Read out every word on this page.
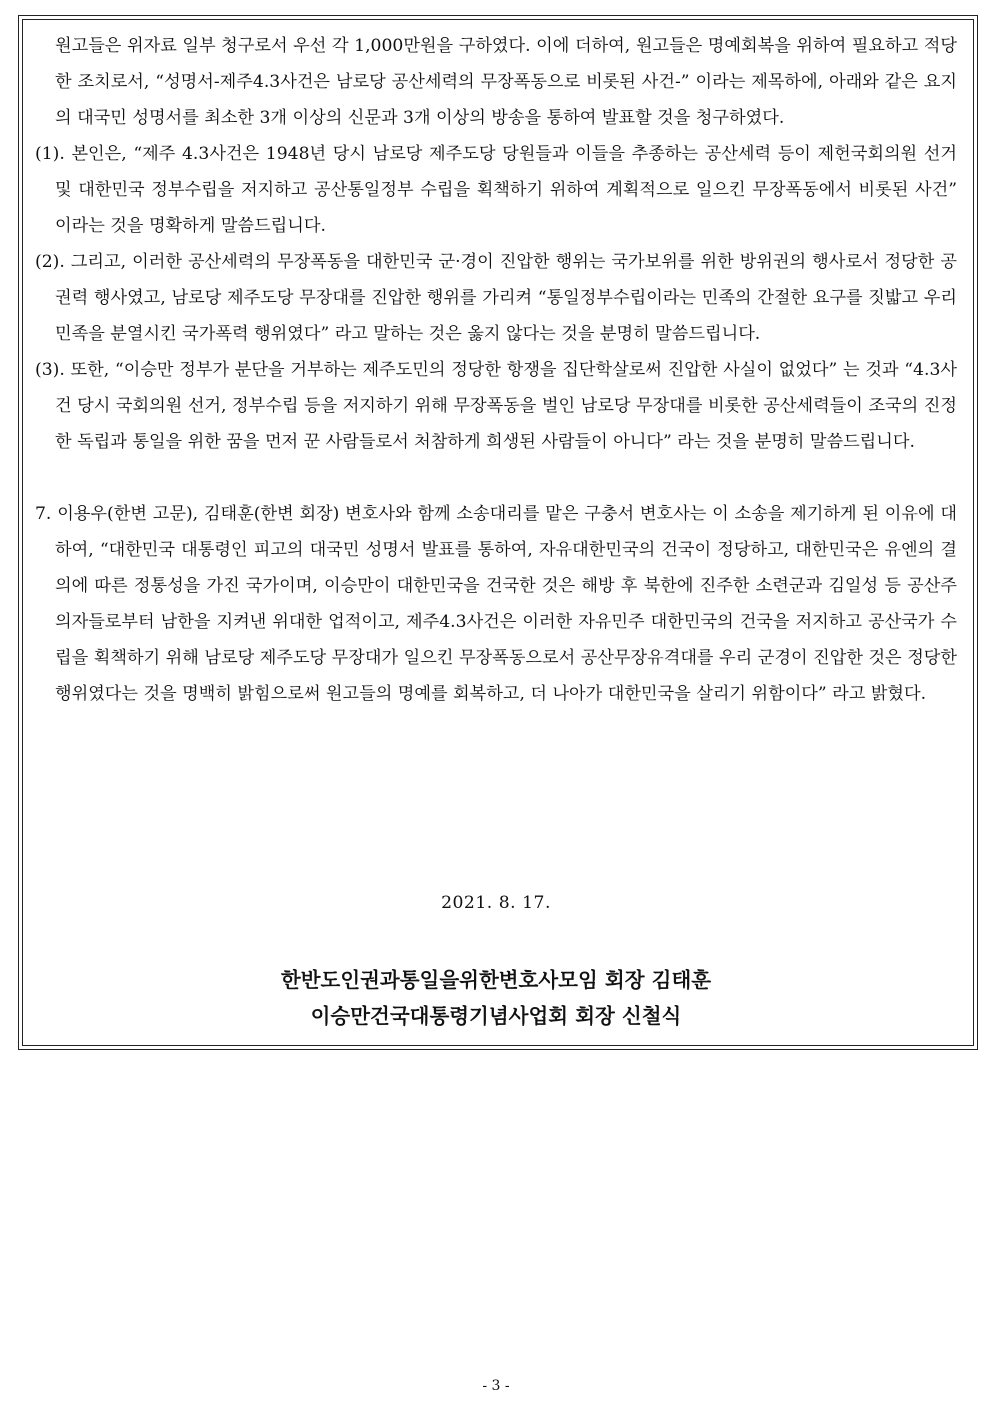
원고들은 위자료 일부 청구로서 우선 각 1,000만원을 구하였다. 이에 더하여, 원고들은 명예회복을 위하여 필요하고 적당한 조치로서, “성명서-제주4.3사건은 남로당 공산세력의 무장폭동으로 비롯된 사건-” 이라는 제목하에, 아래와 같은 요지의 대국민 성명서를 최소한 3개 이상의 신문과 3개 이상의 방송을 통하여 발표할 것을 청구하였다.

(1). 본인은, “제주 4.3사건은 1948년 당시 남로당 제주도당 당원들과 이들을 추종하는 공산세력 등이 제헌국회의원 선거 및 대한민국 정부수립을 저지하고 공산통일정부 수립을 획책하기 위하여 계획적으로 일으킨 무장폭동에서 비롯된 사건” 이라는 것을 명확하게 말씀드립니다.

(2). 그리고, 이러한 공산세력의 무장폭동을 대한민국 군·경이 진압한 행위는 국가보위를 위한 방위권의 행사로서 정당한 공권력 행사였고, 남로당 제주도당 무장대를 진압한 행위를 가리켜 “통일정부수립이라는 민족의 간절한 요구를 짓밟고 우리 민족을 분열시킨 국가폭력 행위였다” 라고 말하는 것은 옳지 않다는 것을 분명히 말씀드립니다.

(3). 또한, “이승만 정부가 분단을 거부하는 제주도민의 정당한 항쟁을 집단학살로써 진압한 사실이 없었다” 는 것과 “4.3사건 당시 국회의원 선거, 정부수립 등을 저지하기 위해 무장폭동을 벌인 남로당 무장대를 비롯한 공산세력들이 조국의 진정한 독립과 통일을 위한 꿈을 먼저 꾼 사람들로서 처참하게 희생된 사람들이 아니다” 라는 것을 분명히 말씀드립니다.

7. 이용우(한변 고문), 김태훈(한변 회장) 변호사와 함께 소송대리를 맡은 구충서 변호사는 이 소송을 제기하게 된 이유에 대하여, “대한민국 대통령인 피고의 대국민 성명서 발표를 통하여, 자유대한민국의 건국이 정당하고, 대한민국은 유엔의 결의에 따른 정통성을 가진 국가이며, 이승만이 대한민국을 건국한 것은 해방 후 북한에 진주한 소련군과 김일성 등 공산주의자들로부터 남한을 지켜낸 위대한 업적이고, 제주4.3사건은 이러한 자유민주 대한민국의 건국을 저지하고 공산국가 수립을 획책하기 위해 남로당 제주도당 무장대가 일으킨 무장폭동으로서 공산무장유격대를 우리 군경이 진압한 것은 정당한 행위였다는 것을 명백히 밝힘으로써 원고들의 명예를 회복하고, 더 나아가 대한민국을 살리기 위함이다” 라고 밝혔다.

2021. 8. 17.
한반도인권과통일을위한변호사모임 회장 김태훈
이승만건국대통령기념사업회 회장 신철식
- 3 -
